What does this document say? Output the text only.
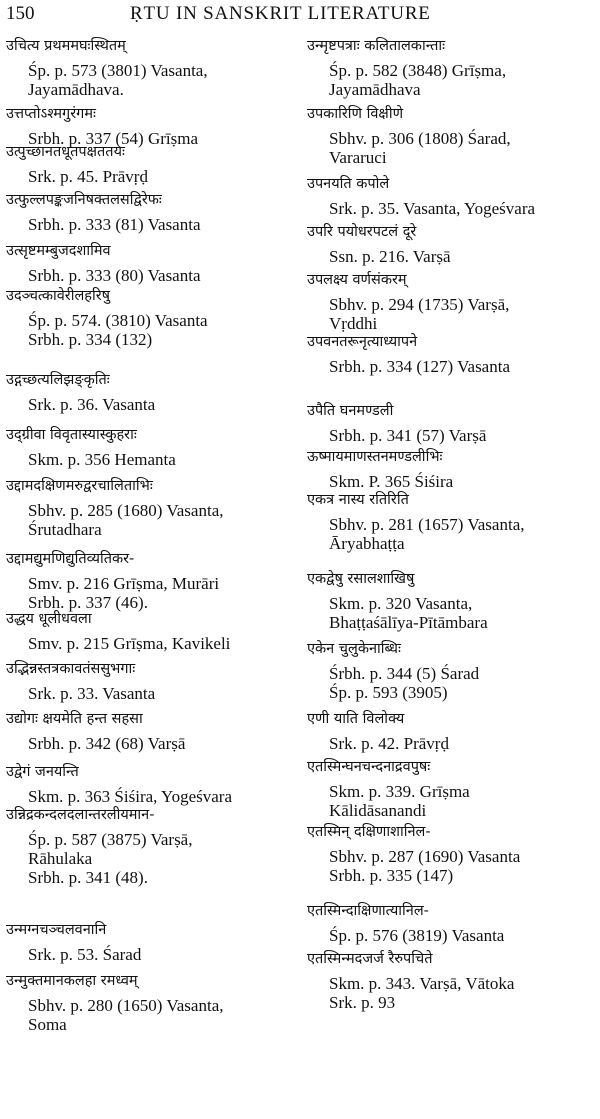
150	ṚTU IN SANSKRIT LITERATURE
उचित्य प्रथममघःस्थितम्
Śp. p. 573 (3801) Vasanta,
Jayamādhava.
उत्तप्तोऽश्मगुरंगमः
Srbh. p. 337 (54) Grīṣma
उत्पुच्छानतधूतपक्षततयः
Srk. p. 45. Prāvṛḍ
उत्फुल्लपङ्कजनिषक्तलसद्विरेफः
Srbh. p. 333 (81) Vasanta
उत्सृष्टमम्बुजदशामिव
Srbh. p. 333 (80) Vasanta
उदञ्चत्कावेरीलहरिषु
Śp. p. 574. (3810) Vasanta
Srbh. p. 334 (132)
उद्गच्छत्यलिझङ्कृतिः
Srk. p. 36. Vasanta
उद्ग्रीवा विवृतास्यास्कुहराः
Skm. p. 356 Hemanta
उद्दामदक्षिणमरुद्वरचालिताभिः
Sbhv. p. 285 (1680) Vasanta,
Śrutadhara
उद्दामद्युमणिद्युतिव्यतिकर-
Smv. p. 216 Grīṣma, Murāri
Srbh. p. 337 (46).
उद्धय धूलीधवला
Smv. p. 215 Grīṣma, Kavikeli
उद्भिन्नस्तत्रकावतंससुभगाः
Srk. p. 33. Vasanta
उद्योगः क्षयमेति हन्त सहसा
Srbh. p. 342 (68) Varṣā
उद्वेगं जनयन्ति
Skm. p. 363 Śiśira, Yogeśvara
उन्निद्रकन्दलदलान्तरलीयमान-
Śp. p. 587 (3875) Varṣā,
Rāhulaka
Srbh. p. 341 (48).
उन्मग्नचञ्चलवनानि
Srk. p. 53. Śarad
उन्मुक्तमानकलहा रमध्वम्
Sbhv. p. 280 (1650) Vasanta,
Soma
उन्मृष्टपत्राः कलितालकान्ताः
Śp. p. 582 (3848) Grīṣma,
Jayamādhava
उपकारिणि विक्षीणे
Sbhv. p. 306 (1808) Śarad,
Vararuci
उपनयति कपोले
Srk. p. 35. Vasanta, Yogeśvara
उपरि पयोधरपटलं दूरे
Ssn. p. 216. Varṣā
उपलक्ष्य वर्णसंकरम्
Sbhv. p. 294 (1735) Varṣā,
Vṛddhi
उपवनतरूनृत्याध्यापने
Srbh. p. 334 (127) Vasanta
उपैति घनमण्डली
Srbh. p. 341 (57) Varṣā
ऊष्मायमाणस्तनमण्डलीभिः
Skm. P. 365 Śiśira
एकत्र नास्य रतिरिति
Sbhv. p. 281 (1657) Vasanta,
Āryabhaṭṭa
एकद्वेषु रसालशाखिषु
Skm. p. 320 Vasanta,
Bhaṭṭaśālīya-Pītāmbara
एकेन चुलुकेनाब्धिः
Śrbh. p. 344 (5) Śarad
Śp. p. 593 (3905)
एणी याति विलोक्य
Srk. p. 42. Prāvṛḍ
एतस्मिन्घनचन्दनाद्रवपुषः
Skm. p. 339. Grīṣma
Kālidāsanandi
एतस्मिन् दक्षिणाशानिल-
Sbhv. p. 287 (1690) Vasanta
Srbh. p. 335 (147)
एतस्मिन्दाक्षिणात्यानिल-
Śp. p. 576 (3819) Vasanta
एतस्मिन्मदजर्ज रैरुपचिते
Skm. p. 343. Varṣā, Vātoka
Srk. p. 93
